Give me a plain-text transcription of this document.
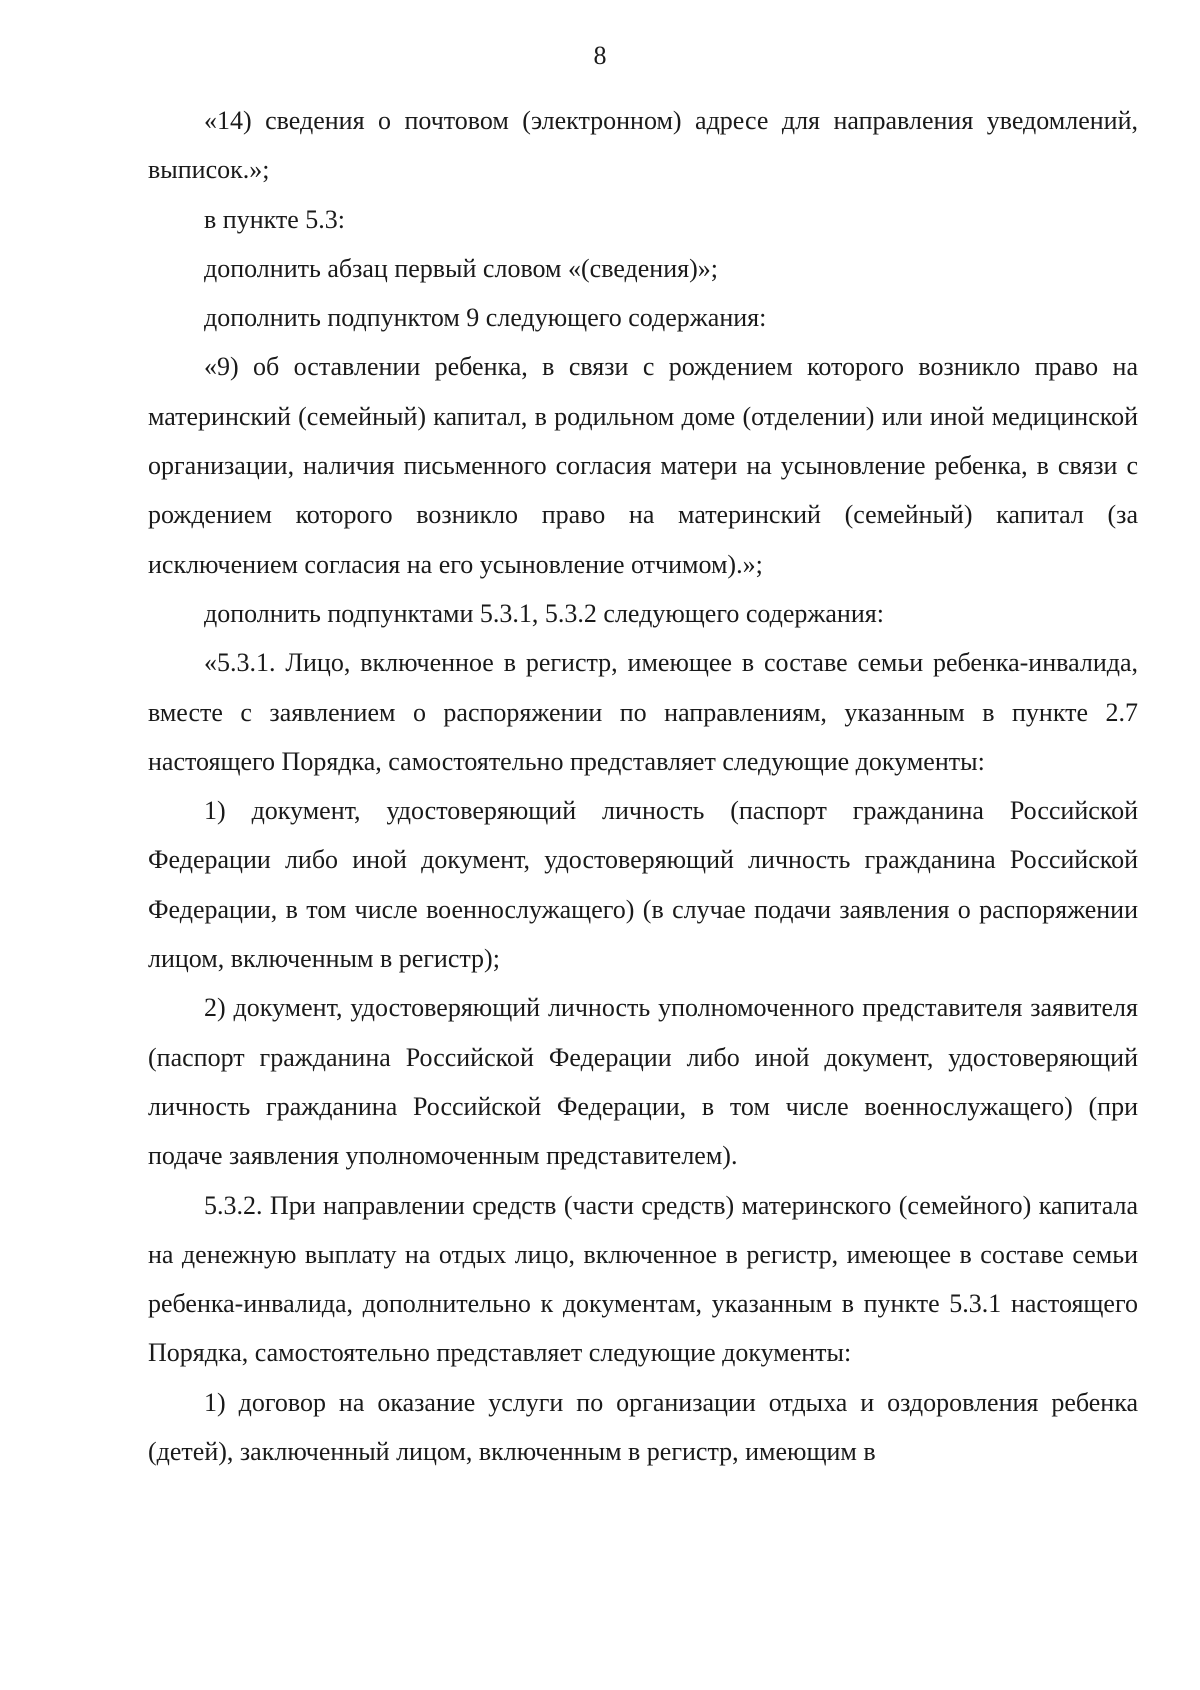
8

«14) сведения о почтовом (электронном) адресе для направления уведомлений, выписок.»;

в пункте 5.3:

дополнить абзац первый словом «(сведения)»;

дополнить подпунктом 9 следующего содержания:

«9) об оставлении ребенка, в связи с рождением которого возникло право на материнский (семейный) капитал, в родильном доме (отделении) или иной медицинской организации, наличия письменного согласия матери на усыновление ребенка, в связи с рождением которого возникло право на материнский (семейный) капитал (за исключением согласия на его усыновление отчимом).»;

дополнить подпунктами 5.3.1, 5.3.2 следующего содержания:

«5.3.1. Лицо, включенное в регистр, имеющее в составе семьи ребенка-инвалида, вместе с заявлением о распоряжении по направлениям, указанным в пункте 2.7 настоящего Порядка, самостоятельно представляет следующие документы:

1) документ, удостоверяющий личность (паспорт гражданина Российской Федерации либо иной документ, удостоверяющий личность гражданина Российской Федерации, в том числе военнослужащего) (в случае подачи заявления о распоряжении лицом, включенным в регистр);

2) документ, удостоверяющий личность уполномоченного представителя заявителя (паспорт гражданина Российской Федерации либо иной документ, удостоверяющий личность гражданина Российской Федерации, в том числе военнослужащего) (при подаче заявления уполномоченным представителем).

5.3.2. При направлении средств (части средств) материнского (семейного) капитала на денежную выплату на отдых лицо, включенное в регистр, имеющее в составе семьи ребенка-инвалида, дополнительно к документам, указанным в пункте 5.3.1 настоящего Порядка, самостоятельно представляет следующие документы:

1) договор на оказание услуги по организации отдыха и оздоровления ребенка (детей), заключенный лицом, включенным в регистр, имеющим в
